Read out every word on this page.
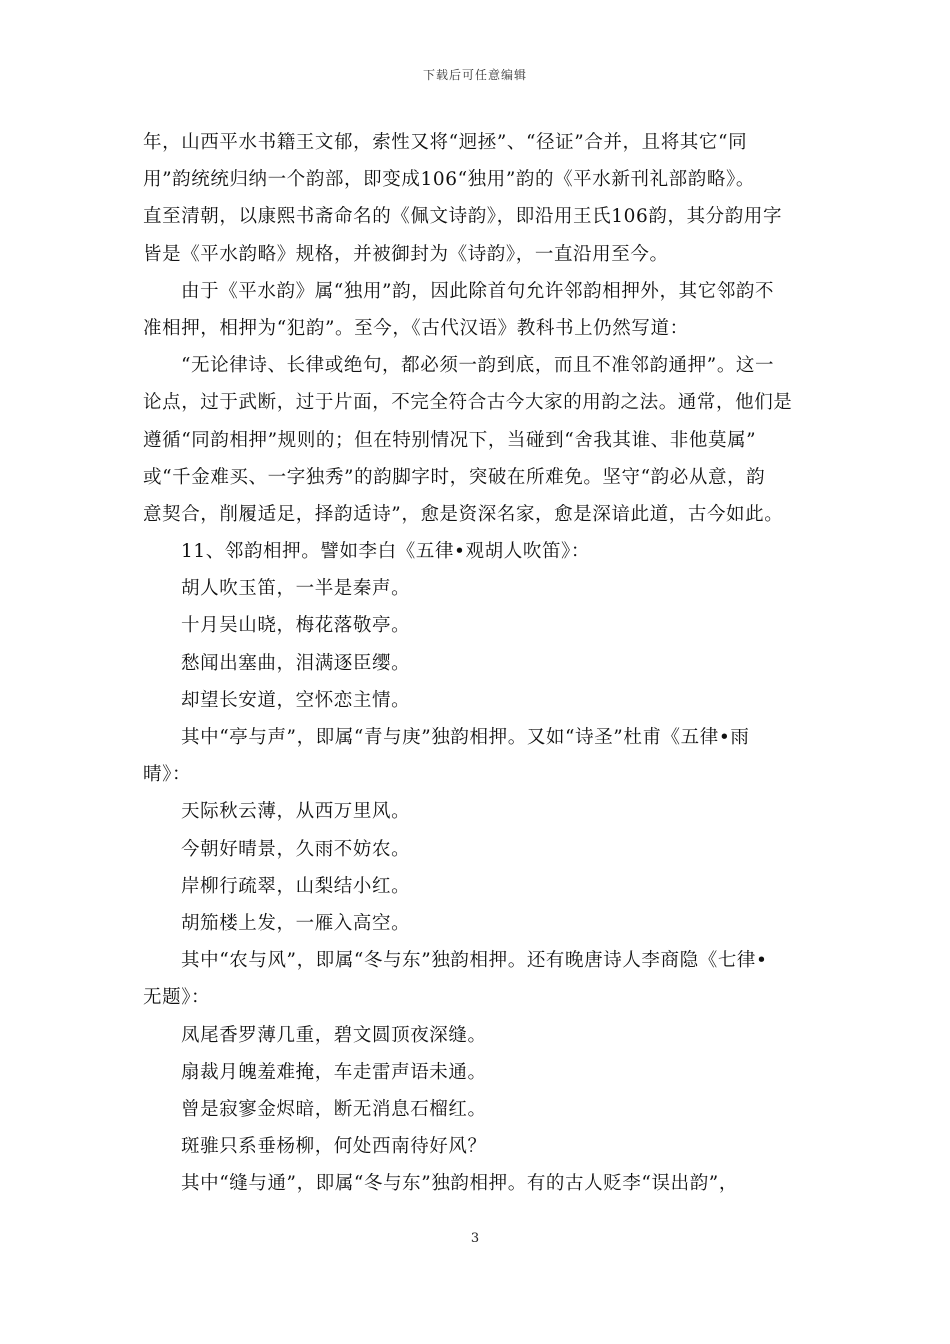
下载后可任意编辑
年，山西平水书籍王文郁，索性又将“迥拯”、“径证”合并，且将其它“同
用”韵统统归纳一个韵部，即变成106“独用”韵的《平水新刊礼部韵略》。
直至清朝，以康熙书斋命名的《佩文诗韵》，即沿用王氏106韵，其分韵用字
皆是《平水韵略》规格，并被御封为《诗韵》，一直沿用至今。
由于《平水韵》属“独用”韵，因此除首句允许邻韵相押外，其它邻韵不
准相押，相押为“犯韵”。至今，《古代汉语》教科书上仍然写道：
“无论律诗、长律或绝句，都必须一韵到底，而且不准邻韵通押”。这一
论点，过于武断，过于片面，不完全符合古今大家的用韵之法。通常，他们是
遵循“同韵相押”规则的；但在特别情况下，当碰到“舍我其谁、非他莫属”
或“千金难买、一字独秀”的韵脚字时，突破在所难免。坚守“韵必从意，韵
意契合，削履适足，择韵适诗”，愈是资深名家，愈是深谙此道，古今如此。
11、邻韵相押。譬如李白《五律•观胡人吹笛》：
胡人吹玉笛，一半是秦声。
十月吴山晓，梅花落敬亭。
愁闻出塞曲，泪满逐臣缨。
却望长安道，空怀恋主情。
其中“亭与声”，即属“青与庚”独韵相押。又如“诗圣”杜甫《五律•雨
晴》：
天际秋云薄，从西万里风。
今朝好晴景，久雨不妨农。
岸柳行疏翠，山梨结小红。
胡笳楼上发，一雁入高空。
其中“农与风”，即属“冬与东”独韵相押。还有晚唐诗人李商隐《七律•
无题》：
凤尾香罗薄几重，碧文圆顶夜深缝。
扇裁月魄羞难掩，车走雷声语未通。
曾是寂寥金烬暗，断无消息石榴红。
斑骓只系垂杨柳，何处西南待好风？
其中“缝与通”，即属“冬与东”独韵相押。有的古人贬李“误出韵”，
3
